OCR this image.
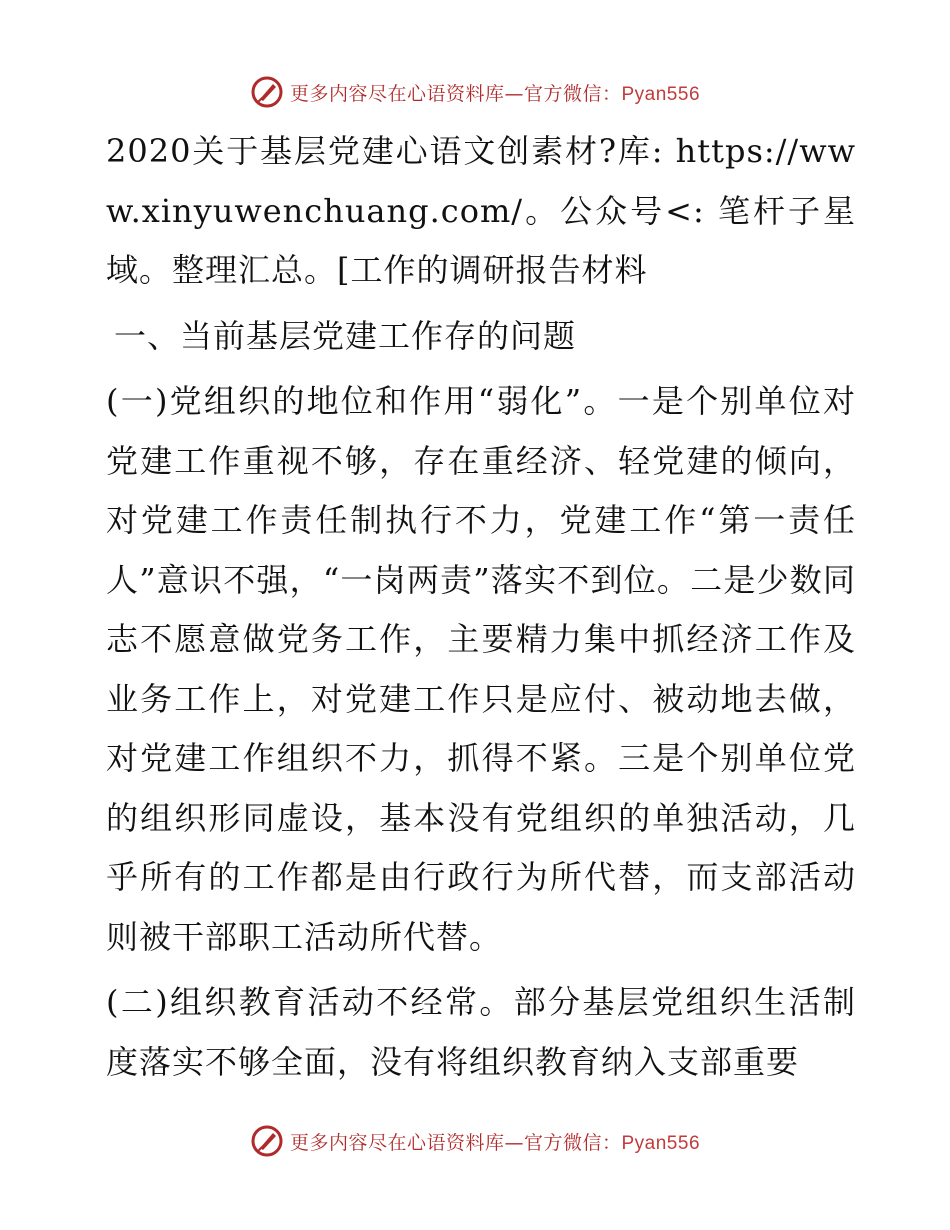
更多内容尽在心语资料库—官方微信：Pyan556

2020关于基层党建心语文创素材?库: https://www.xinyuwenchuang.com/。公众号<: 笔杆子星域。整理汇总。[工作的调研报告材料

一、当前基层党建工作存的问题

(一)党组织的地位和作用“弱化”。一是个别单位对党建工作重视不够，存在重经济、轻党建的倾向，对党建工作责任制执行不力，党建工作“第一责任人”意识不强，“一岗两责”落实不到位。二是少数同志不愿意做党务工作，主要精力集中抓经济工作及业务工作上，对党建工作只是应付、被动地去做，对党建工作组织不力，抓得不紧。三是个别单位党的组织形同虚设，基本没有党组织的单独活动，几乎所有的工作都是由行政行为所代替，而支部活动则被干部职工活动所代替。

(二)组织教育活动不经常。部分基层党组织生活制度落实不够全面，没有将组织教育纳入支部重要

更多内容尽在心语资料库—官方微信：Pyan556
